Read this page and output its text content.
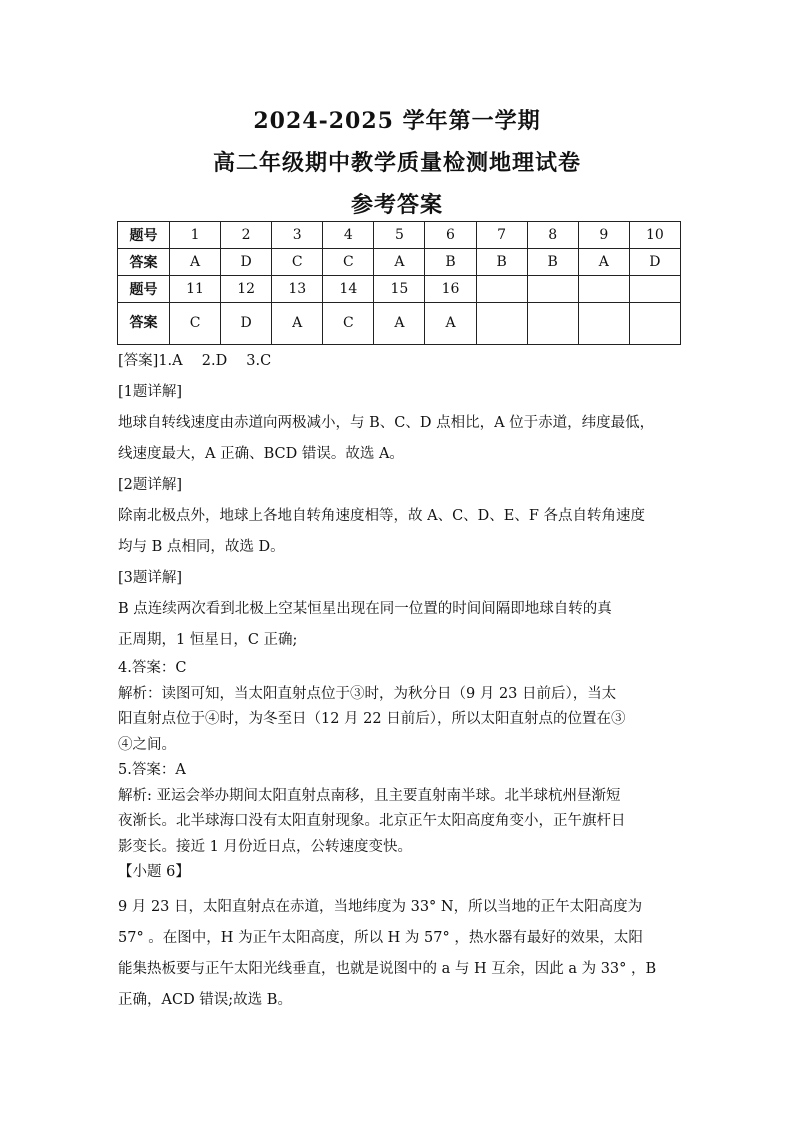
2024-2025 学年第一学期
高二年级期中教学质量检测地理试卷
参考答案
题号	1	2	3	4	5	6	7	8	9	10
答案	A	D	C	C	A	B	B	B	A	D
题号	11	12	13	14	15	16				
答案	C	D	A	C	A	A				

[答案]1.A　 2.D　 3.C

[1题详解]

地球自转线速度由赤道向两极减小，与 B、C、D 点相比，A 位于赤道，纬度最低，

线速度最大，A 正确、BCD 错误。故选 A。

[2题详解]

除南北极点外，地球上各地自转角速度相等，故 A、C、D、E、F 各点自转角速度

均与 B 点相同，故选 D。

[3题详解]

B 点连续两次看到北极上空某恒星出现在同一位置的时间间隔即地球自转的真

正周期，1 恒星日，C 正确;

4.答案：C

解析：读图可知，当太阳直射点位于③时，为秋分日（9 月 23 日前后），当太

阳直射点位于④时，为冬至日（12 月 22 日前后），所以太阳直射点的位置在③

④之间。

5.答案：A

解析: 亚运会举办期间太阳直射点南移，且主要直射南半球。北半球杭州昼渐短

夜渐长。北半球海口没有太阳直射现象。北京正午太阳高度角变小，正午旗杆日

影变长。接近 1 月份近日点，公转速度变快。

【小题 6】

9 月 23 日，太阳直射点在赤道，当地纬度为 33° N，所以当地的正午太阳高度为

57° 。在图中，H 为正午太阳高度，所以 H 为 57° ，热水器有最好的效果，太阳

能集热板要与正午太阳光线垂直，也就是说图中的 a 与 H 互余，因此 a 为 33° ，B

正确，ACD 错误;故选 B。
